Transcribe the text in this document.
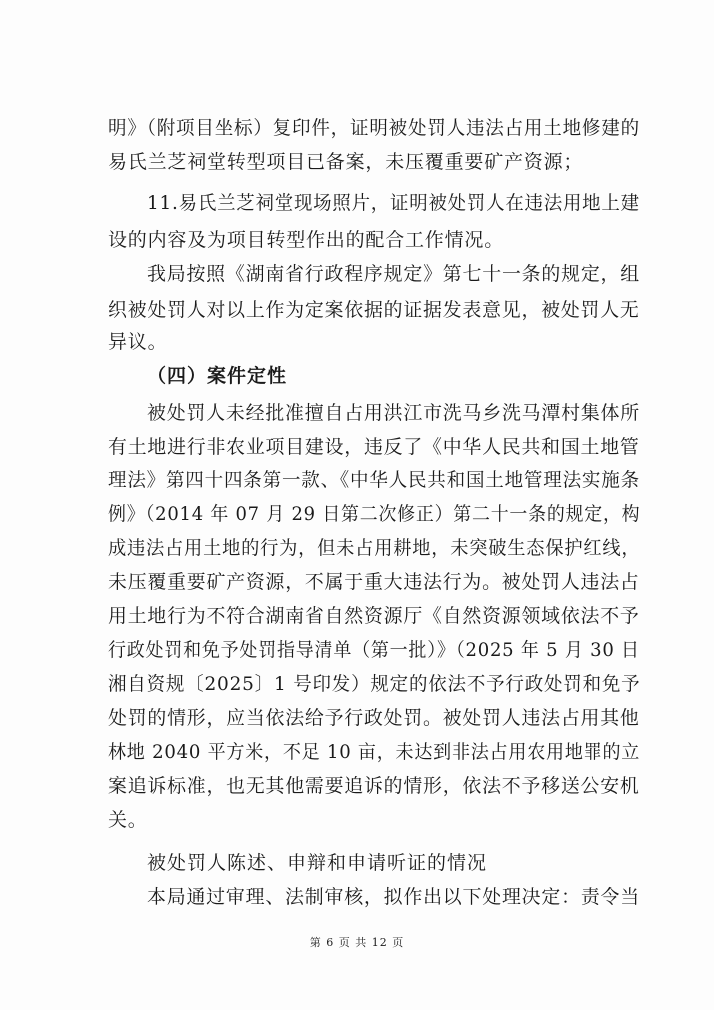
明》（附项目坐标）复印件，证明被处罚人违法占用土地修建的
易氏兰芝祠堂转型项目已备案，未压覆重要矿产资源；
11.易氏兰芝祠堂现场照片，证明被处罚人在违法用地上建
设的内容及为项目转型作出的配合工作情况。
我局按照《湖南省行政程序规定》第七十一条的规定，组
织被处罚人对以上作为定案依据的证据发表意见，被处罚人无
异议。
（四）案件定性
被处罚人未经批准擅自占用洪江市洗马乡洗马潭村集体所
有土地进行非农业项目建设，违反了《中华人民共和国土地管
理法》第四十四条第一款、《中华人民共和国土地管理法实施条
例》（2014 年 07 月 29 日第二次修正）第二十一条的规定，构
成违法占用土地的行为，但未占用耕地，未突破生态保护红线，
未压覆重要矿产资源，不属于重大违法行为。被处罚人违法占
用土地行为不符合湖南省自然资源厅《自然资源领域依法不予
行政处罚和免予处罚指导清单（第一批）》（2025 年 5 月 30 日
湘自资规〔2025〕1 号印发）规定的依法不予行政处罚和免予
处罚的情形，应当依法给予行政处罚。被处罚人违法占用其他
林地 2040 平方米，不足 10 亩，未达到非法占用农用地罪的立
案追诉标准，也无其他需要追诉的情形，依法不予移送公安机
关。
被处罚人陈述、申辩和申请听证的情况
本局通过审理、法制审核，拟作出以下处理决定：责令当
第 6 页 共 12 页
